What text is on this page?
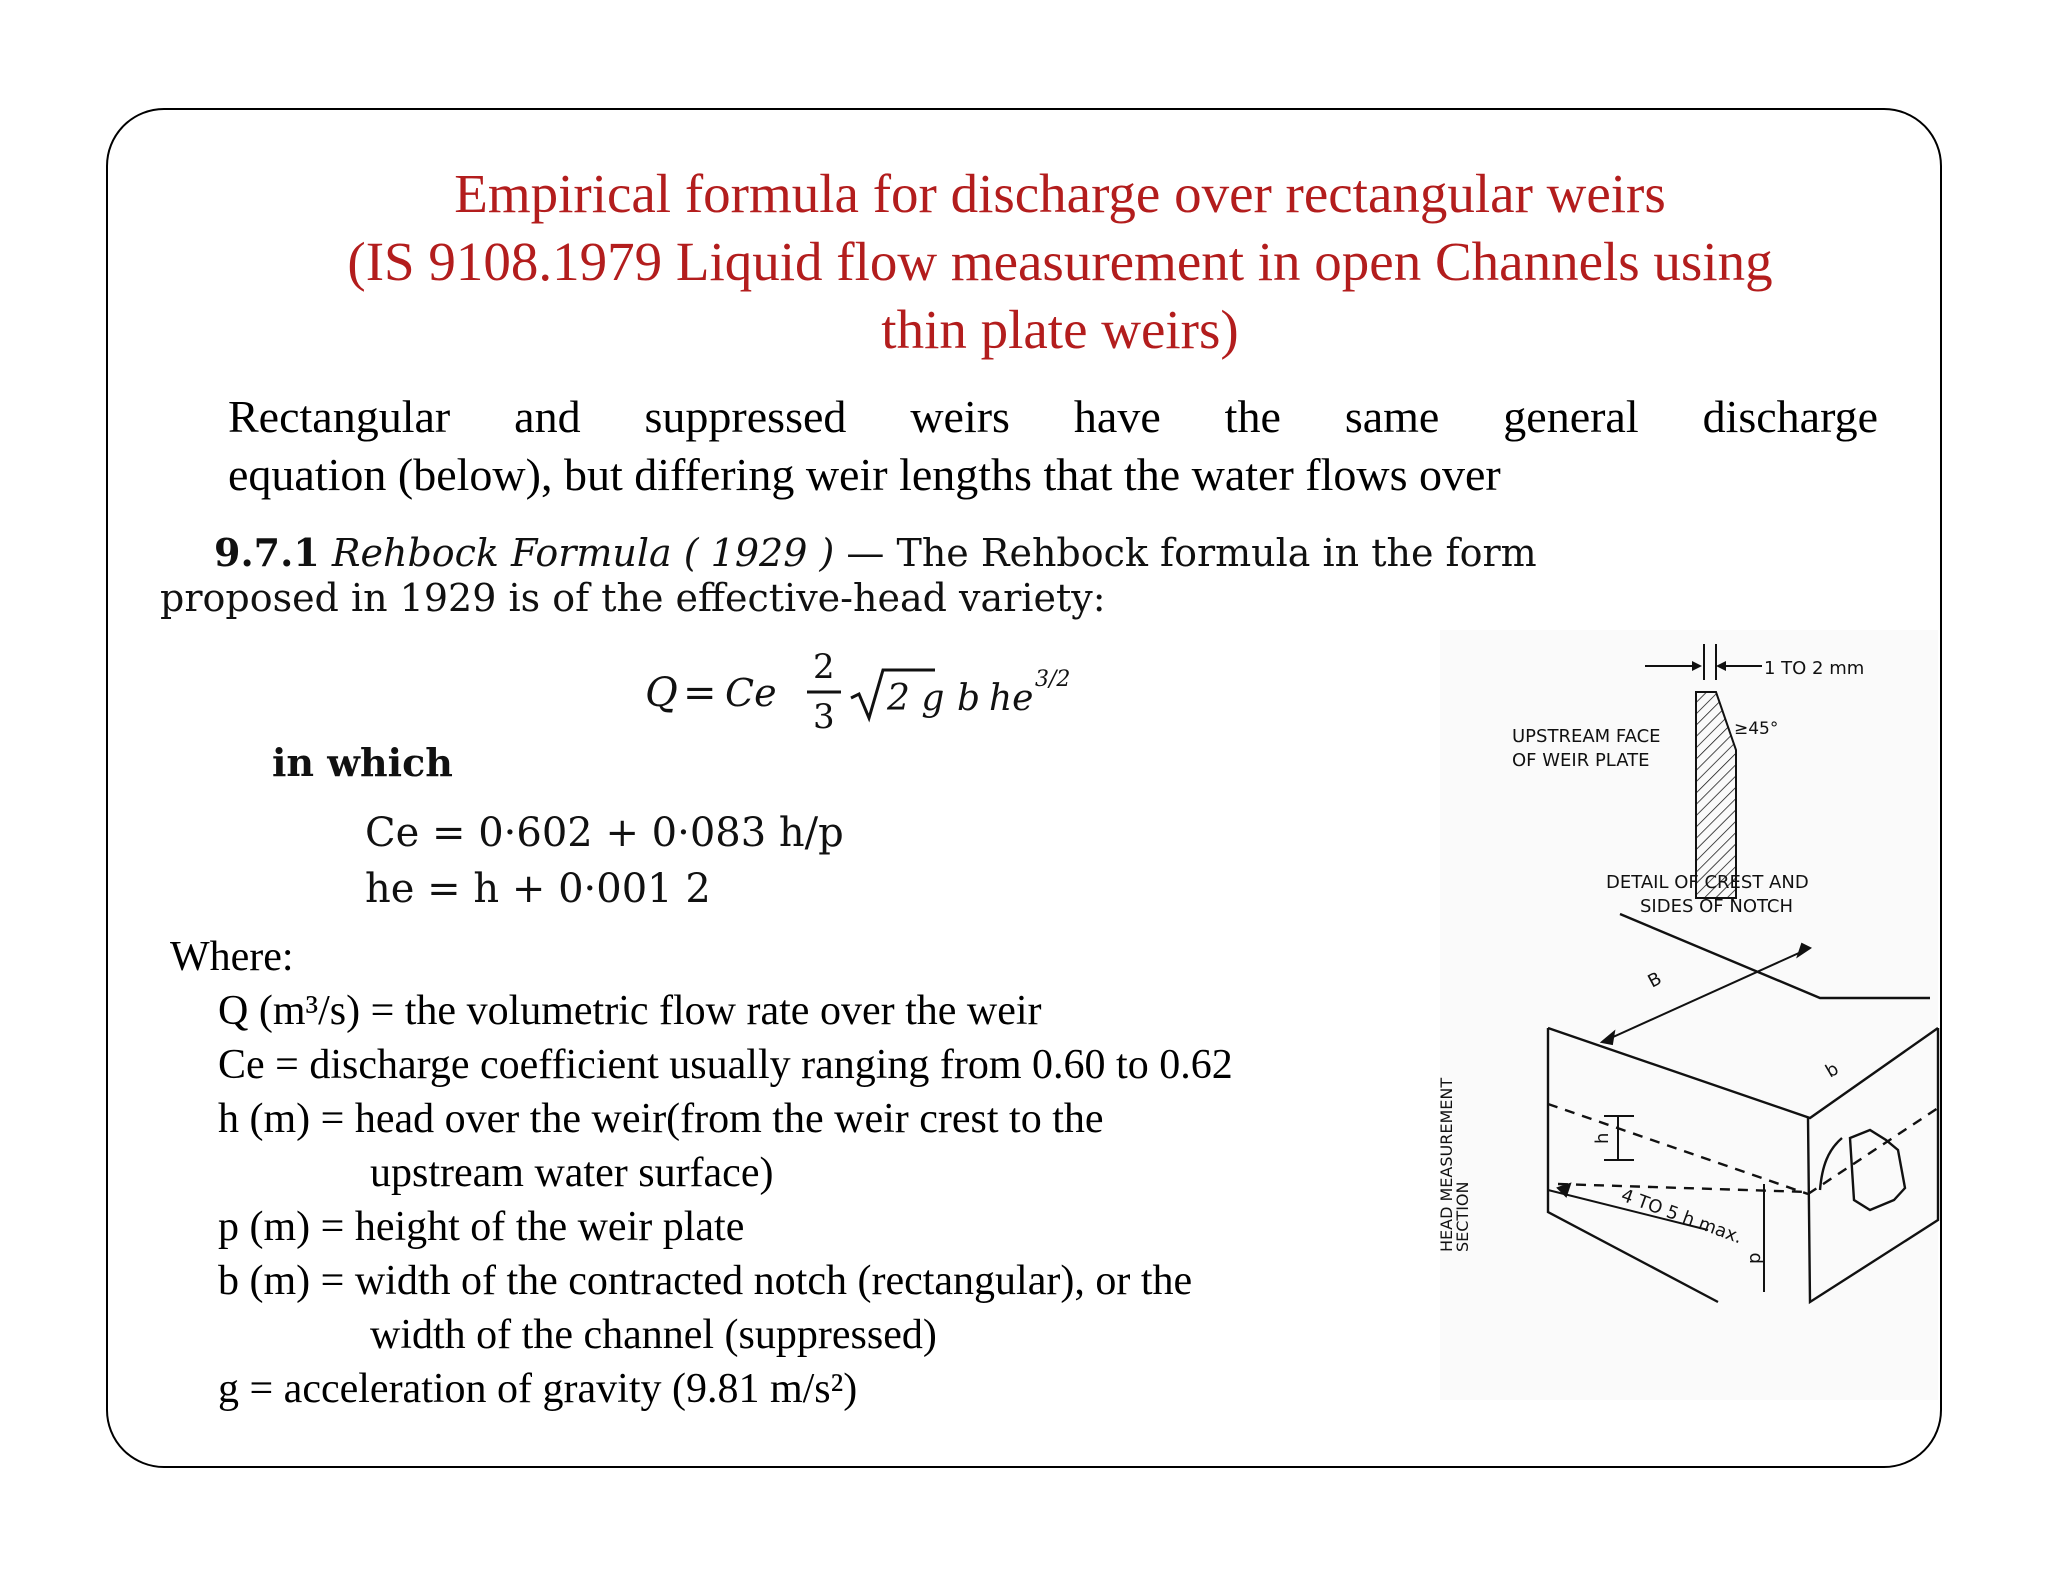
Empirical formula for discharge over rectangular weirs
(IS 9108.1979 Liquid flow measurement in open Channels using
thin plate weirs)
Rectangular and suppressed weirs have the same general discharge
equation (below), but differing weir lengths that the water flows over
9.7.1 Rehbock Formula ( 1929 ) — The Rehbock formula in the form
proposed in 1929 is of the effective-head variety:
Q = Ce
2
3 2 g b he 3/2
in which
Ce = 0·602 + 0·083 h/p
he = h + 0·001 2
Where:
Q (m³/s) = the volumetric flow rate over the weir
Ce = discharge coefficient usually ranging from 0.60 to 0.62
h (m) = head over the weir(from the weir crest to the
upstream water surface)
p (m) = height of the weir plate
b (m) = width of the contracted notch (rectangular), or the
width of the channel (suppressed)
g = acceleration of gravity (9.81 m/s²)
1 TO 2 mm
≥45°
UPSTREAM FACE
OF WEIR PLATE
DETAIL OF CREST AND
SIDES OF NOTCH
B
b
h
p
4 TO 5 h max.
HEAD MEASUREMENT
SECTION
